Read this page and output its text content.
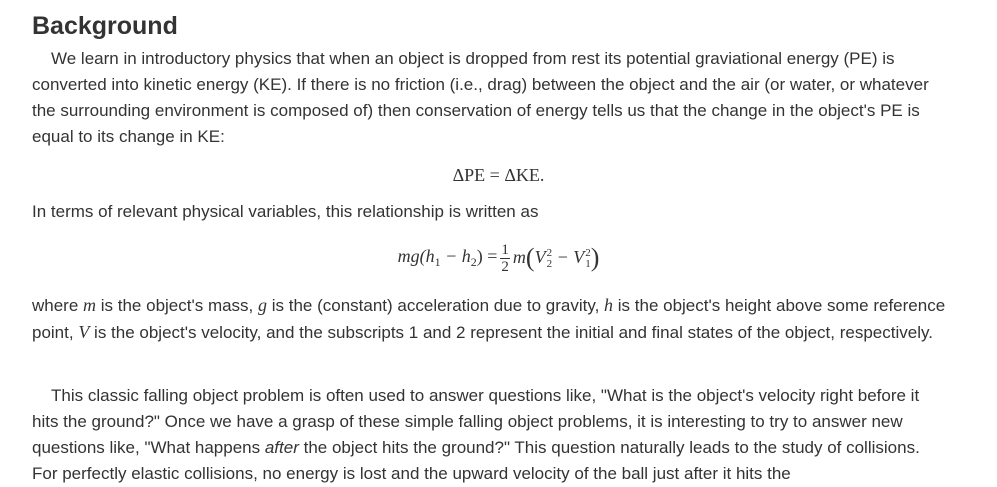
Background

We learn in introductory physics that when an object is dropped from rest its potential graviational energy (PE) is converted into kinetic energy (KE). If there is no friction (i.e., drag) between the object and the air (or water, or whatever the surrounding environment is composed of) then conservation of energy tells us that the change in the object's PE is equal to its change in KE:

ΔPE = ΔKE.

In terms of relevant physical variables, this relationship is written as

$mg(h_1 - h_2) = \frac{1}{2} m(V$ 2
2 − V 2
1 )

where m is the object's mass, g is the (constant) acceleration due to gravity, h is the object's height above some reference point, V is the object's velocity, and the subscripts 1 and 2 represent the initial and final states of the object, respectively.

This classic falling object problem is often used to answer questions like, "What is the object's velocity right before it hits the ground?" Once we have a grasp of these simple falling object problems, it is interesting to try to answer new questions like, "What happens after the object hits the ground?" This question naturally leads to the study of collisions. For perfectly elastic collisions, no energy is lost and the upward velocity of the ball just after it hits the
